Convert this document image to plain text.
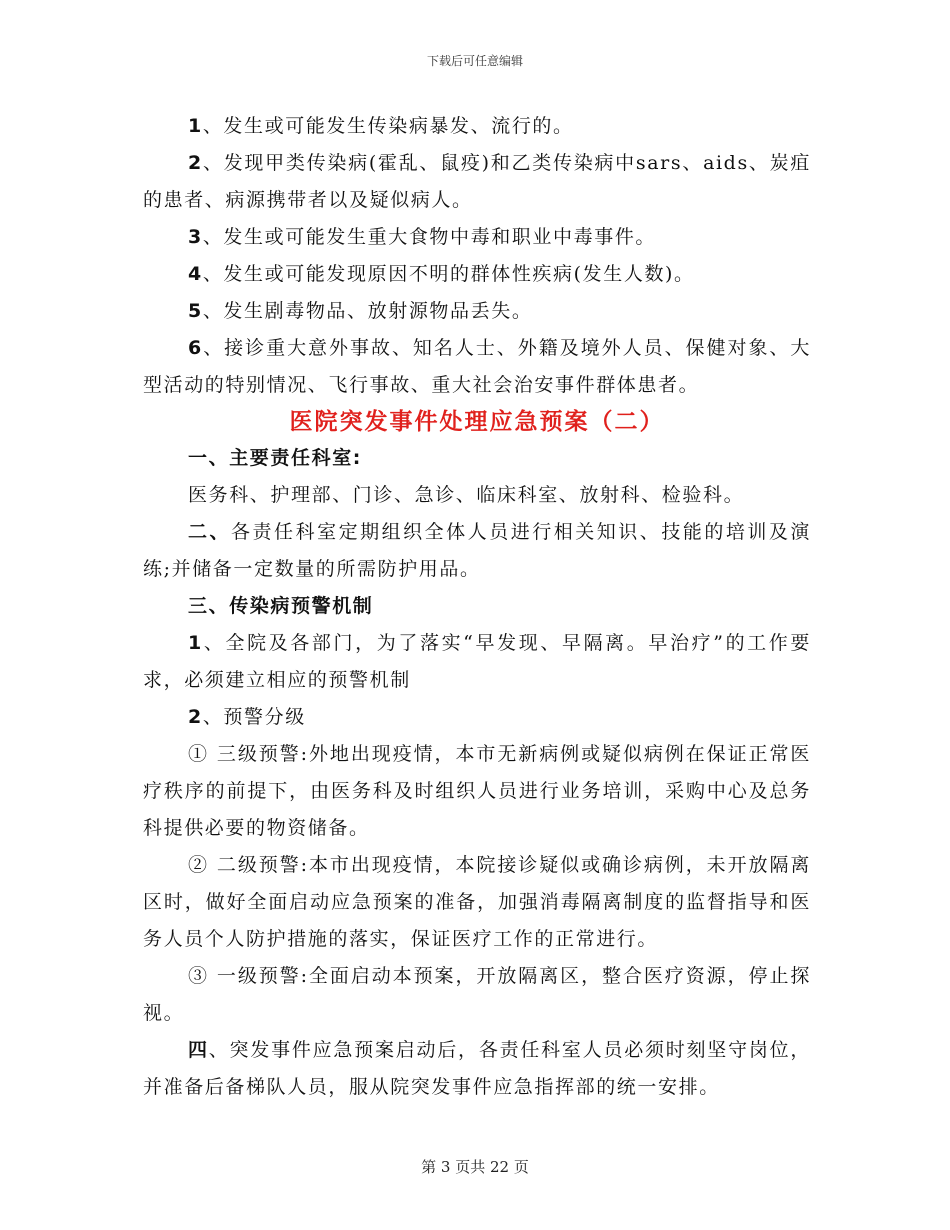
下载后可任意编辑

1、发生或可能发生传染病暴发、流行的。

2、发现甲类传染病(霍乱、鼠疫)和乙类传染病中sars、aids、炭疽的患者、病源携带者以及疑似病人。

3、发生或可能发生重大食物中毒和职业中毒事件。

4、发生或可能发现原因不明的群体性疾病(发生人数)。

5、发生剧毒物品、放射源物品丢失。

6、接诊重大意外事故、知名人士、外籍及境外人员、保健对象、大型活动的特别情况、飞行事故、重大社会治安事件群体患者。

医院突发事件处理应急预案（二）

一、主要责任科室:

医务科、护理部、门诊、急诊、临床科室、放射科、检验科。

二、各责任科室定期组织全体人员进行相关知识、技能的培训及演练;并储备一定数量的所需防护用品。

三、传染病预警机制

1、全院及各部门，为了落实“早发现、早隔离。早治疗”的工作要求，必须建立相应的预警机制

2、预警分级

① 三级预警:外地出现疫情，本市无新病例或疑似病例在保证正常医疗秩序的前提下，由医务科及时组织人员进行业务培训，采购中心及总务科提供必要的物资储备。

② 二级预警:本市出现疫情，本院接诊疑似或确诊病例，未开放隔离区时，做好全面启动应急预案的准备，加强消毒隔离制度的监督指导和医务人员个人防护措施的落实，保证医疗工作的正常进行。

③ 一级预警:全面启动本预案，开放隔离区，整合医疗资源，停止探视。

四、突发事件应急预案启动后，各责任科室人员必须时刻坚守岗位，并准备后备梯队人员，服从院突发事件应急指挥部的统一安排。

第 3 页共 22 页
